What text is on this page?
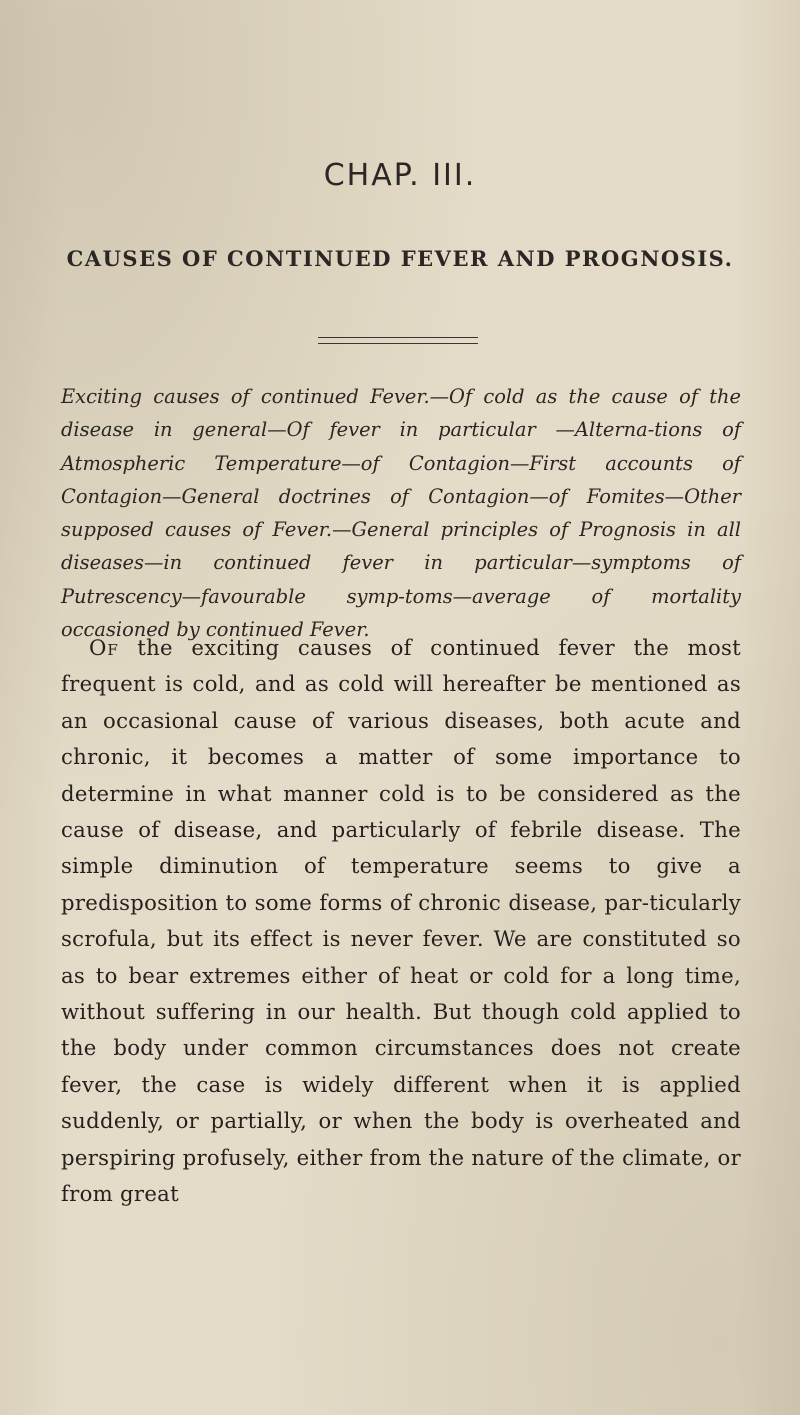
CHAP. III.
CAUSES OF CONTINUED FEVER AND PROGNOSIS.

Exciting causes of continued Fever.—Of cold as the cause of the disease in general—Of fever in particular —Alterna-tions of Atmospheric Temperature—of Contagion—First accounts of Contagion—General doctrines of Contagion—of Fomites—Other supposed causes of Fever.—General principles of Prognosis in all diseases—in continued fever in particular—symptoms of Putrescency—favourable symp-toms—average of mortality occasioned by continued Fever.

Of the exciting causes of continued fever the most frequent is cold, and as cold will hereafter be mentioned as an occasional cause of various diseases, both acute and chronic, it becomes a matter of some importance to determine in what manner cold is to be considered as the cause of disease, and particularly of febrile disease. The simple diminution of temperature seems to give a predisposition to some forms of chronic disease, par-ticularly scrofula, but its effect is never fever. We are constituted so as to bear extremes either of heat or cold for a long time, without suffering in our health. But though cold applied to the body under common circumstances does not create fever, the case is widely different when it is applied suddenly, or partially, or when the body is overheated and perspiring profusely, either from the nature of the climate, or from great
